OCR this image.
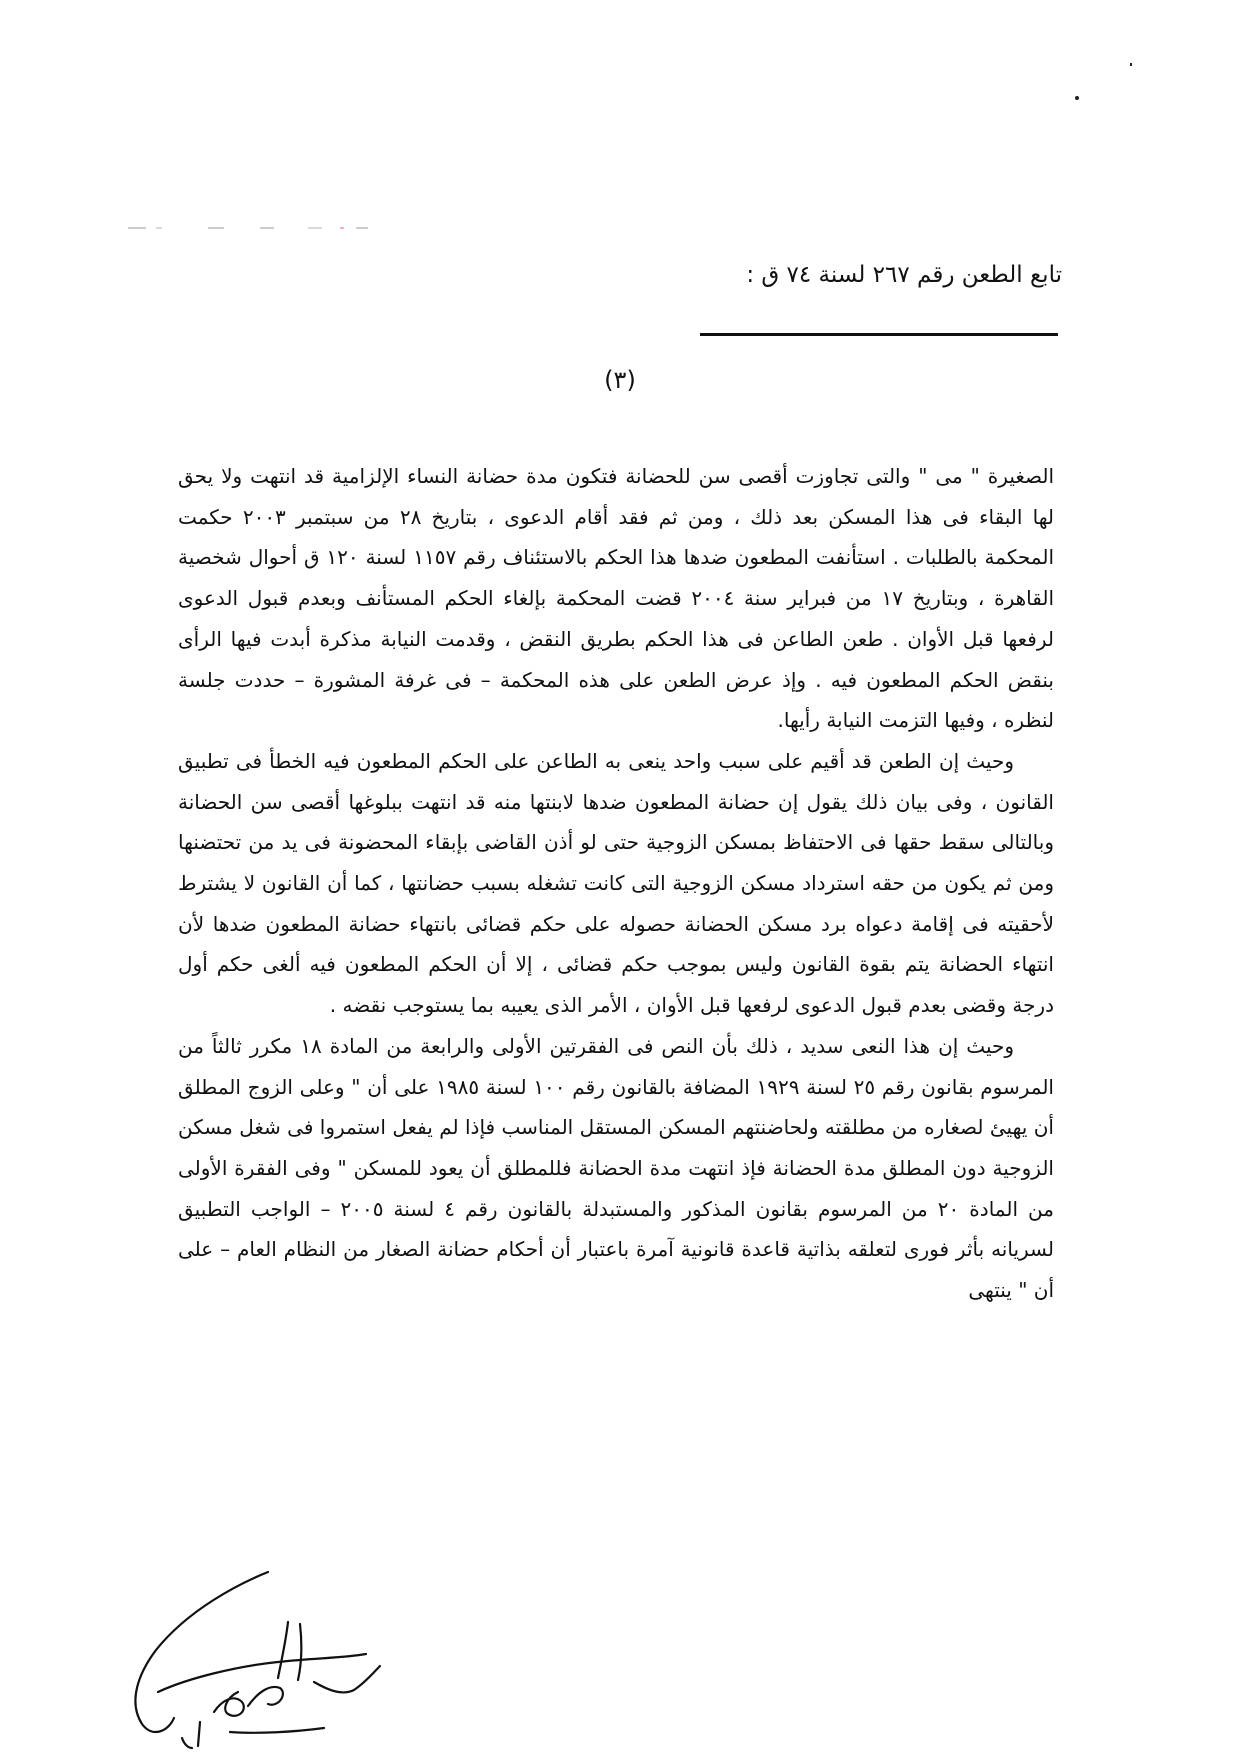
تابع الطعن رقم ٢٦٧ لسنة ٧٤ ق :
(٣)

الصغيرة " مى " والتى تجاوزت أقصى سن للحضانة فتكون مدة حضانة النساء الإلزامية قد انتهت ولا يحق لها البقاء فى هذا المسكن بعد ذلك ، ومن ثم فقد أقام الدعوى ، بتاريخ ٢٨ من سبتمبر ٢٠٠٣ حكمت المحكمة بالطلبات . استأنفت المطعون ضدها هذا الحكم بالاستئناف رقم ١١٥٧ لسنة ١٢٠ ق أحوال شخصية القاهرة ، وبتاريخ ١٧ من فبراير سنة ٢٠٠٤ قضت المحكمة بإلغاء الحكم المستأنف وبعدم قبول الدعوى لرفعها قبل الأوان . طعن الطاعن فى هذا الحكم بطريق النقض ، وقدمت النيابة مذكرة أبدت فيها الرأى بنقض الحكم المطعون فيه . وإذ عرض الطعن على هذه المحكمة – فى غرفة المشورة – حددت جلسة لنظره ، وفيها التزمت النيابة رأيها.

وحيث إن الطعن قد أقيم على سبب واحد ينعى به الطاعن على الحكم المطعون فيه الخطأ فى تطبيق القانون ، وفى بيان ذلك يقول إن حضانة المطعون ضدها لابنتها منه قد انتهت ببلوغها أقصى سن الحضانة وبالتالى سقط حقها فى الاحتفاظ بمسكن الزوجية حتى لو أذن القاضى بإبقاء المحضونة فى يد من تحتضنها ومن ثم يكون من حقه استرداد مسكن الزوجية التى كانت تشغله بسبب حضانتها ، كما أن القانون لا يشترط لأحقيته فى إقامة دعواه برد مسكن الحضانة حصوله على حكم قضائى بانتهاء حضانة المطعون ضدها لأن انتهاء الحضانة يتم بقوة القانون وليس بموجب حكم قضائى ، إلا أن الحكم المطعون فيه ألغى حكم أول درجة وقضى بعدم قبول الدعوى لرفعها قبل الأوان ، الأمر الذى يعيبه بما يستوجب نقضه .

وحيث إن هذا النعى سديد ، ذلك بأن النص فى الفقرتين الأولى والرابعة من المادة ١٨ مكرر ثالثاً من المرسوم بقانون رقم ٢٥ لسنة ١٩٢٩ المضافة بالقانون رقم ١٠٠ لسنة ١٩٨٥ على أن " وعلى الزوج المطلق أن يهيئ لصغاره من مطلقته ولحاضنتهم المسكن المستقل المناسب فإذا لم يفعل استمروا فى شغل مسكن الزوجية دون المطلق مدة الحضانة فإذ انتهت مدة الحضانة فللمطلق أن يعود للمسكن " وفى الفقرة الأولى من المادة ٢٠ من المرسوم بقانون المذكور والمستبدلة بالقانون رقم ٤ لسنة ٢٠٠٥ – الواجب التطبيق لسريانه بأثر فورى لتعلقه بذاتية قاعدة قانونية آمرة باعتبار أن أحكام حضانة الصغار من النظام العام – على أن " ينتهى
